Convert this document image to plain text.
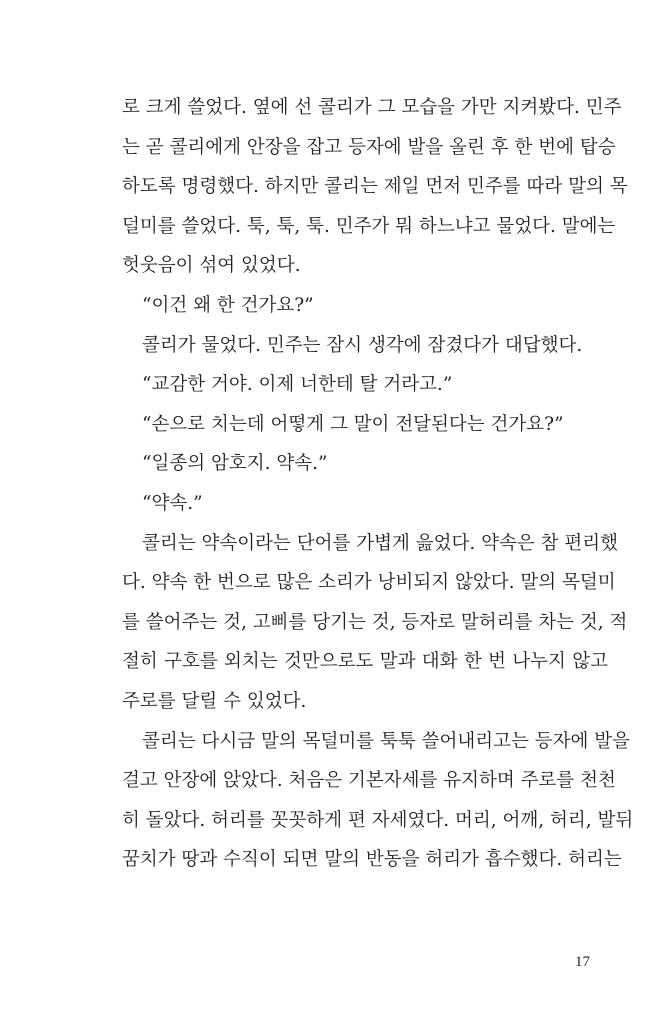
로 크게 쓸었다. 옆에 선 콜리가 그 모습을 가만 지켜봤다. 민주
는 곧 콜리에게 안장을 잡고 등자에 발을 올린 후 한 번에 탑승
하도록 명령했다. 하지만 콜리는 제일 먼저 민주를 따라 말의 목
덜미를 쓸었다. 툭, 툭, 툭. 민주가 뭐 하느냐고 물었다. 말에는
헛웃음이 섞여 있었다.
“이건 왜 한 건가요?”
콜리가 물었다. 민주는 잠시 생각에 잠겼다가 대답했다.
“교감한 거야. 이제 너한테 탈 거라고.”
“손으로 치는데 어떻게 그 말이 전달된다는 건가요?”
“일종의 암호지. 약속.”
“약속.”
콜리는 약속이라는 단어를 가볍게 읊었다. 약속은 참 편리했
다. 약속 한 번으로 많은 소리가 낭비되지 않았다. 말의 목덜미
를 쓸어주는 것, 고삐를 당기는 것, 등자로 말허리를 차는 것, 적
절히 구호를 외치는 것만으로도 말과 대화 한 번 나누지 않고
주로를 달릴 수 있었다.
콜리는 다시금 말의 목덜미를 툭툭 쓸어내리고는 등자에 발을
걸고 안장에 앉았다. 처음은 기본자세를 유지하며 주로를 천천
히 돌았다. 허리를 꼿꼿하게 편 자세였다. 머리, 어깨, 허리, 발뒤
꿈치가 땅과 수직이 되면 말의 반동을 허리가 흡수했다. 허리는
17
